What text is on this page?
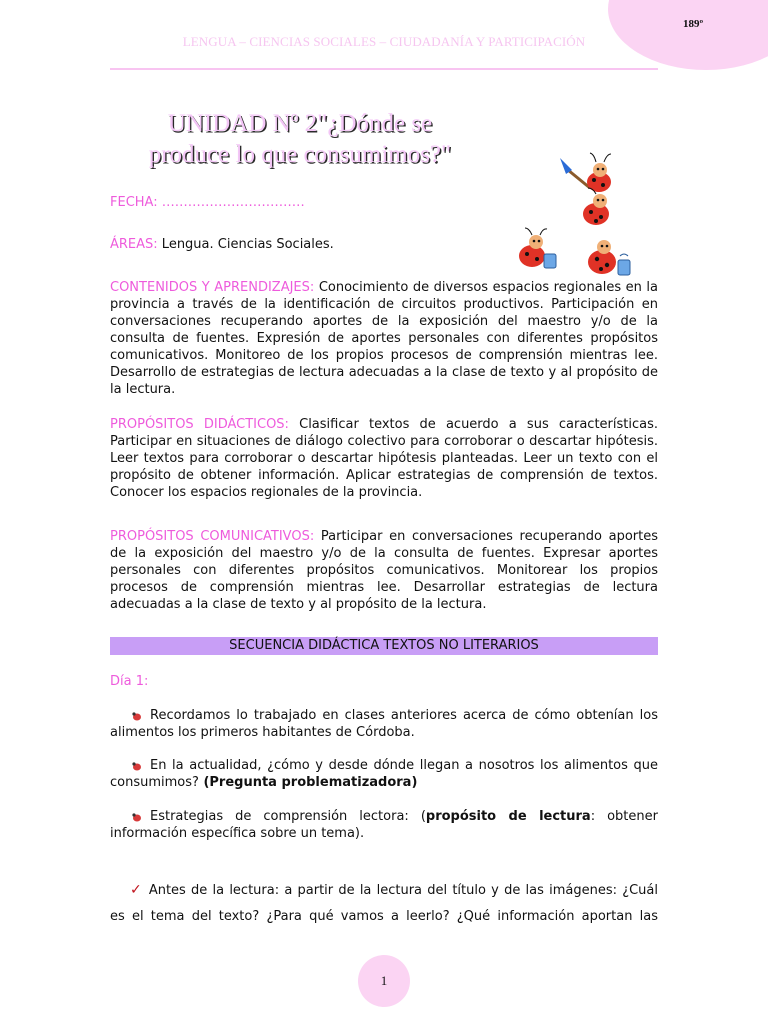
189º
LENGUA – CIENCIAS SOCIALES – CIUDADANÍA Y PARTICIPACIÓN
UNIDAD Nº 2"¿Dónde se
produce lo que consumimos?"
FECHA: ……………………………
ÁREAS: Lengua. Ciencias Sociales.
CONTENIDOS Y APRENDIZAJES: Conocimiento de diversos espacios regionales en la provincia a través de la identificación de circuitos productivos. Participación en conversaciones recuperando aportes de la exposición del maestro y/o de la consulta de fuentes. Expresión de aportes personales con diferentes propósitos comunicativos. Monitoreo de los propios procesos de comprensión mientras lee. Desarrollo de estrategias de lectura adecuadas a la clase de texto y al propósito de la lectura.
PROPÓSITOS DIDÁCTICOS: Clasificar textos de acuerdo a sus características. Participar en situaciones de diálogo colectivo para corroborar o descartar hipótesis. Leer textos para corroborar o descartar hipótesis planteadas. Leer un texto con el propósito de obtener información. Aplicar estrategias de comprensión de textos. Conocer los espacios regionales de la provincia.
PROPÓSITOS COMUNICATIVOS: Participar en conversaciones recuperando aportes de la exposición del maestro y/o de la consulta de fuentes. Expresar aportes personales con diferentes propósitos comunicativos. Monitorear los propios procesos de comprensión mientras lee. Desarrollar estrategias de lectura adecuadas a la clase de texto y al propósito de la lectura.
SECUENCIA DIDÁCTICA TEXTOS NO LITERARIOS
Día 1:
Recordamos lo trabajado en clases anteriores acerca de cómo obtenían los alimentos los primeros habitantes de Córdoba.
En la actualidad, ¿cómo y desde dónde llegan a nosotros los alimentos que consumimos? (Pregunta problematizadora)
Estrategias de comprensión lectora: (propósito de lectura: obtener información específica sobre un tema).
✓ Antes de la lectura: a partir de la lectura del título y de las imágenes: ¿Cuál
es el tema del texto? ¿Para qué vamos a leerlo? ¿Qué información aportan las
1
